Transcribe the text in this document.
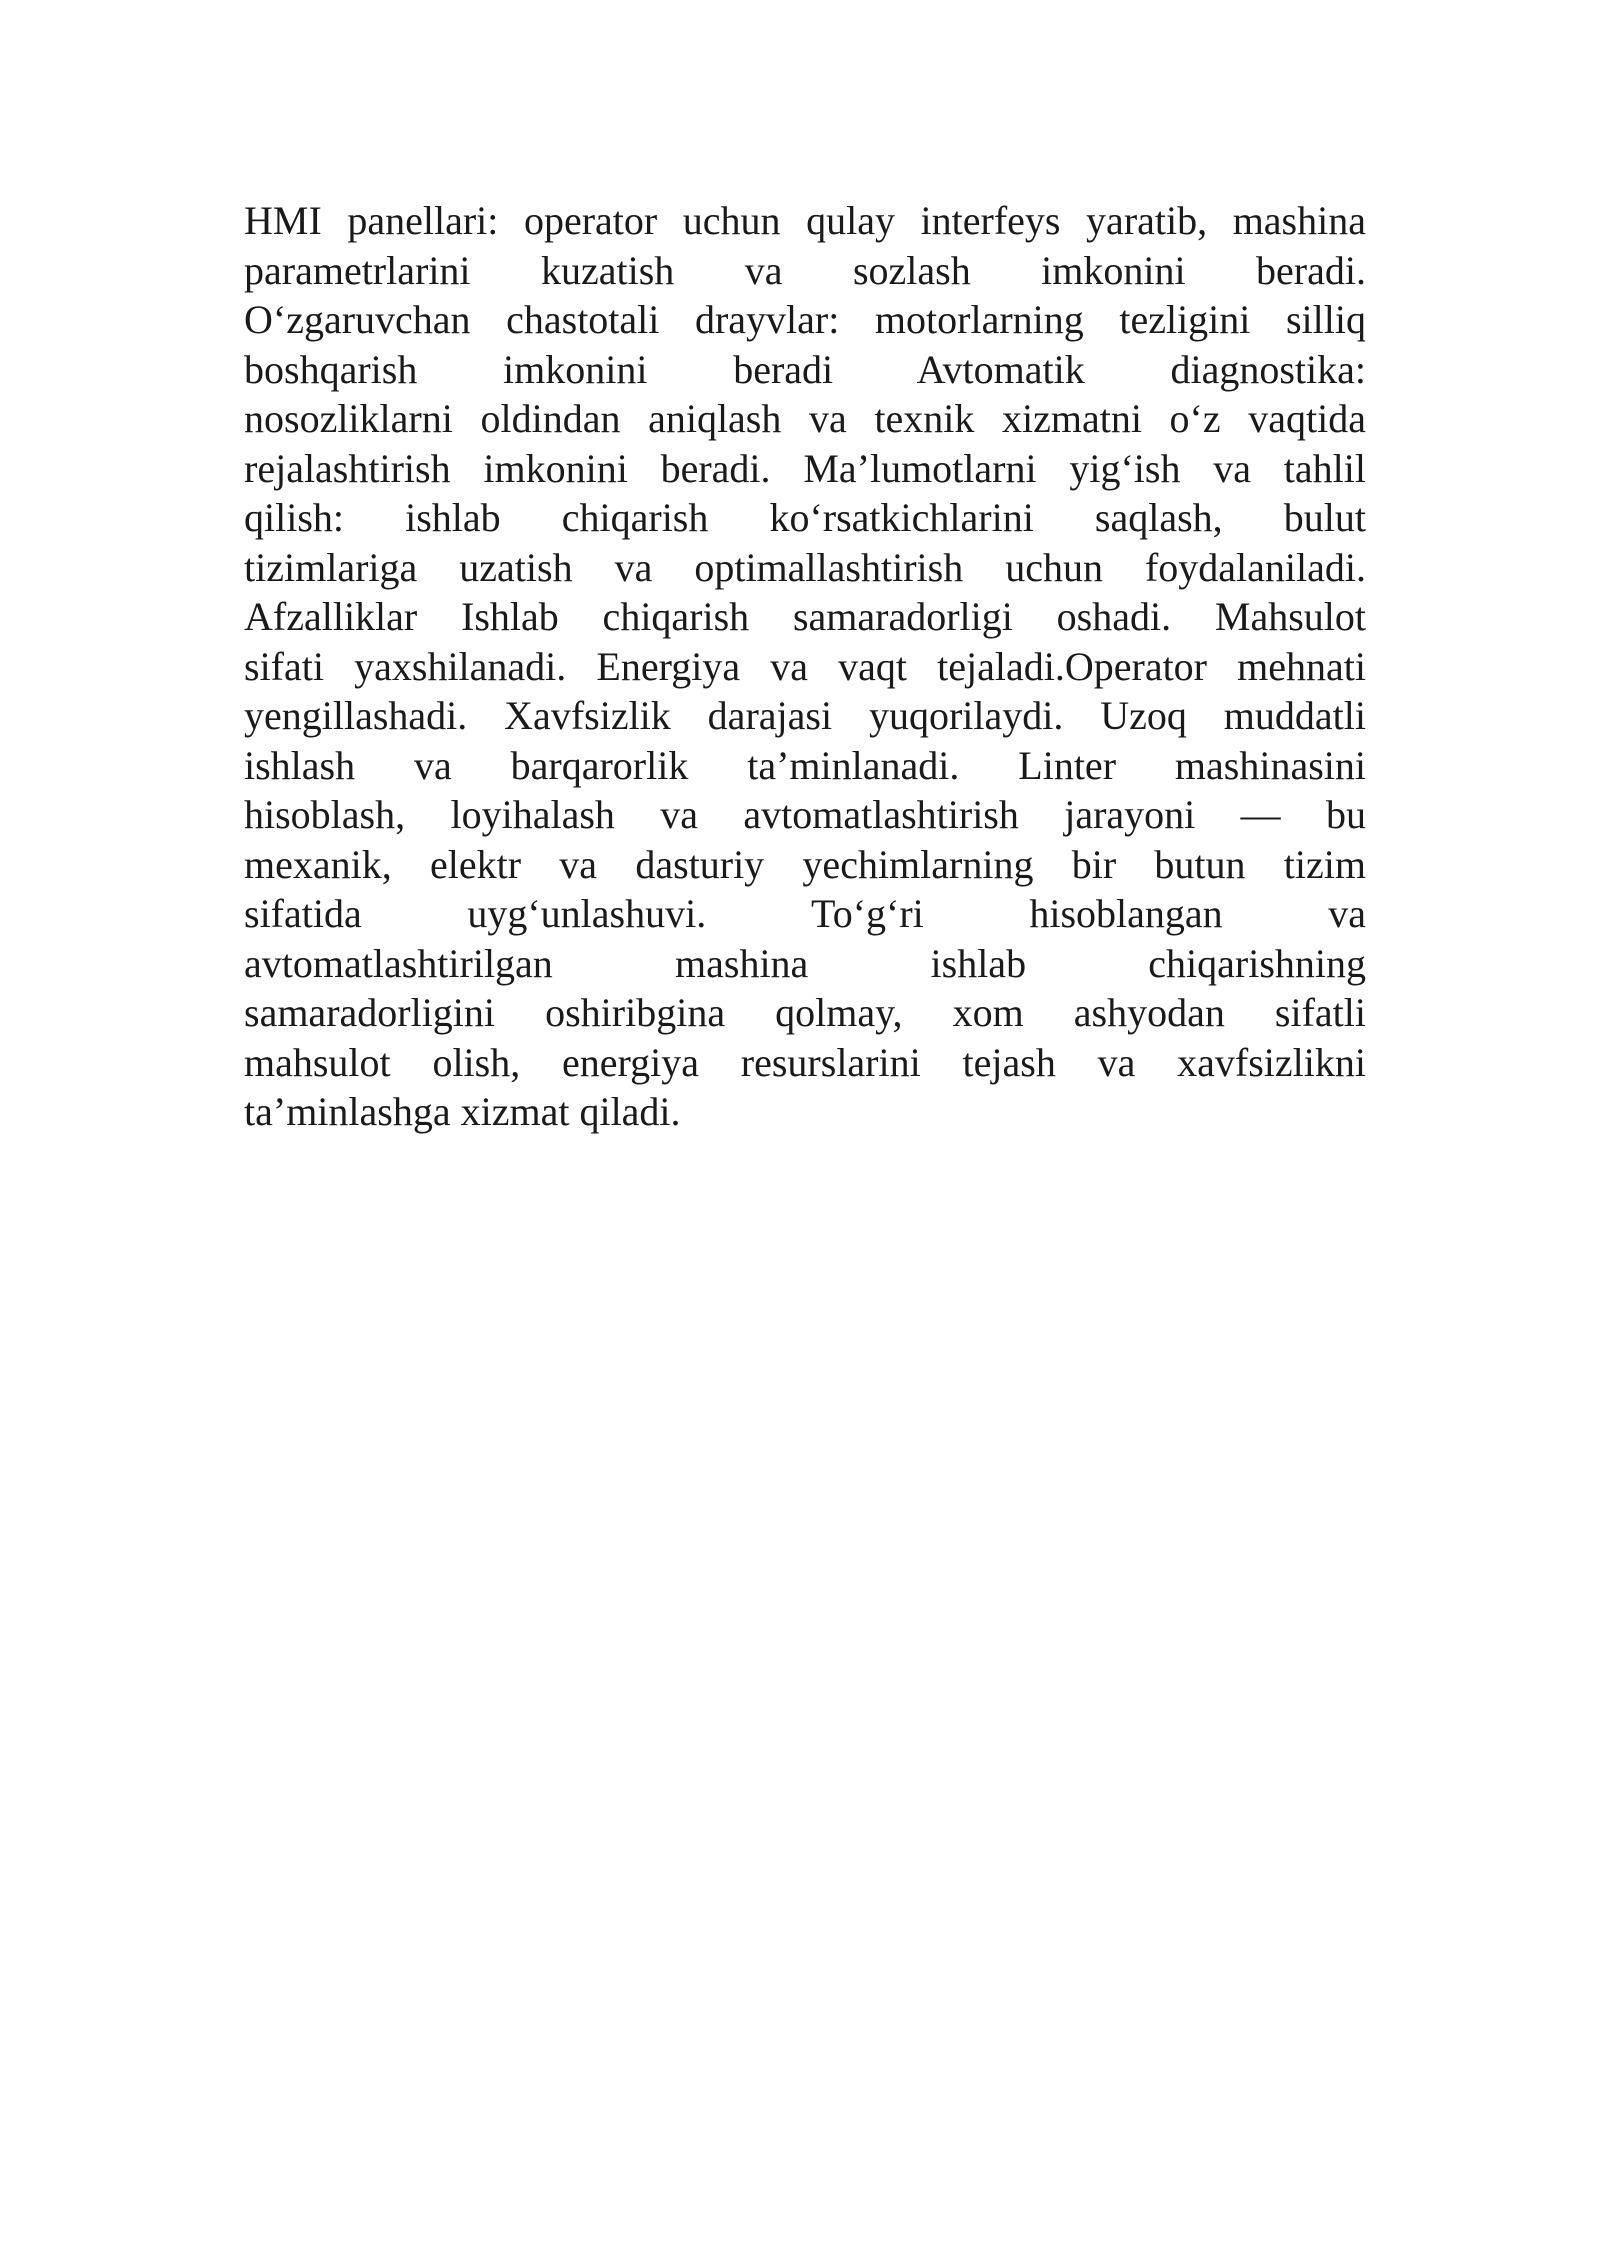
HMI panellari: operator uchun qulay interfeys yaratib, mashina
parametrlarini kuzatish va sozlash imkonini beradi.
O‘zgaruvchan chastotali drayvlar: motorlarning tezligini silliq
boshqarish imkonini beradi Avtomatik diagnostika:
nosozliklarni oldindan aniqlash va texnik xizmatni o‘z vaqtida
rejalashtirish imkonini beradi. Ma’lumotlarni yig‘ish va tahlil
qilish: ishlab chiqarish ko‘rsatkichlarini saqlash, bulut
tizimlariga uzatish va optimallashtirish uchun foydalaniladi.
Afzalliklar Ishlab chiqarish samaradorligi oshadi. Mahsulot
sifati yaxshilanadi. Energiya va vaqt tejaladi.Operator mehnati
yengillashadi. Xavfsizlik darajasi yuqorilaydi. Uzoq muddatli
ishlash va barqarorlik ta’minlanadi. Linter mashinasini
hisoblash, loyihalash va avtomatlashtirish jarayoni — bu
mexanik, elektr va dasturiy yechimlarning bir butun tizim
sifatida uyg‘unlashuvi. To‘g‘ri hisoblangan va
avtomatlashtirilgan mashina ishlab chiqarishning
samaradorligini oshiribgina qolmay, xom ashyodan sifatli
mahsulot olish, energiya resurslarini tejash va xavfsizlikni
ta’minlashga xizmat qiladi.
